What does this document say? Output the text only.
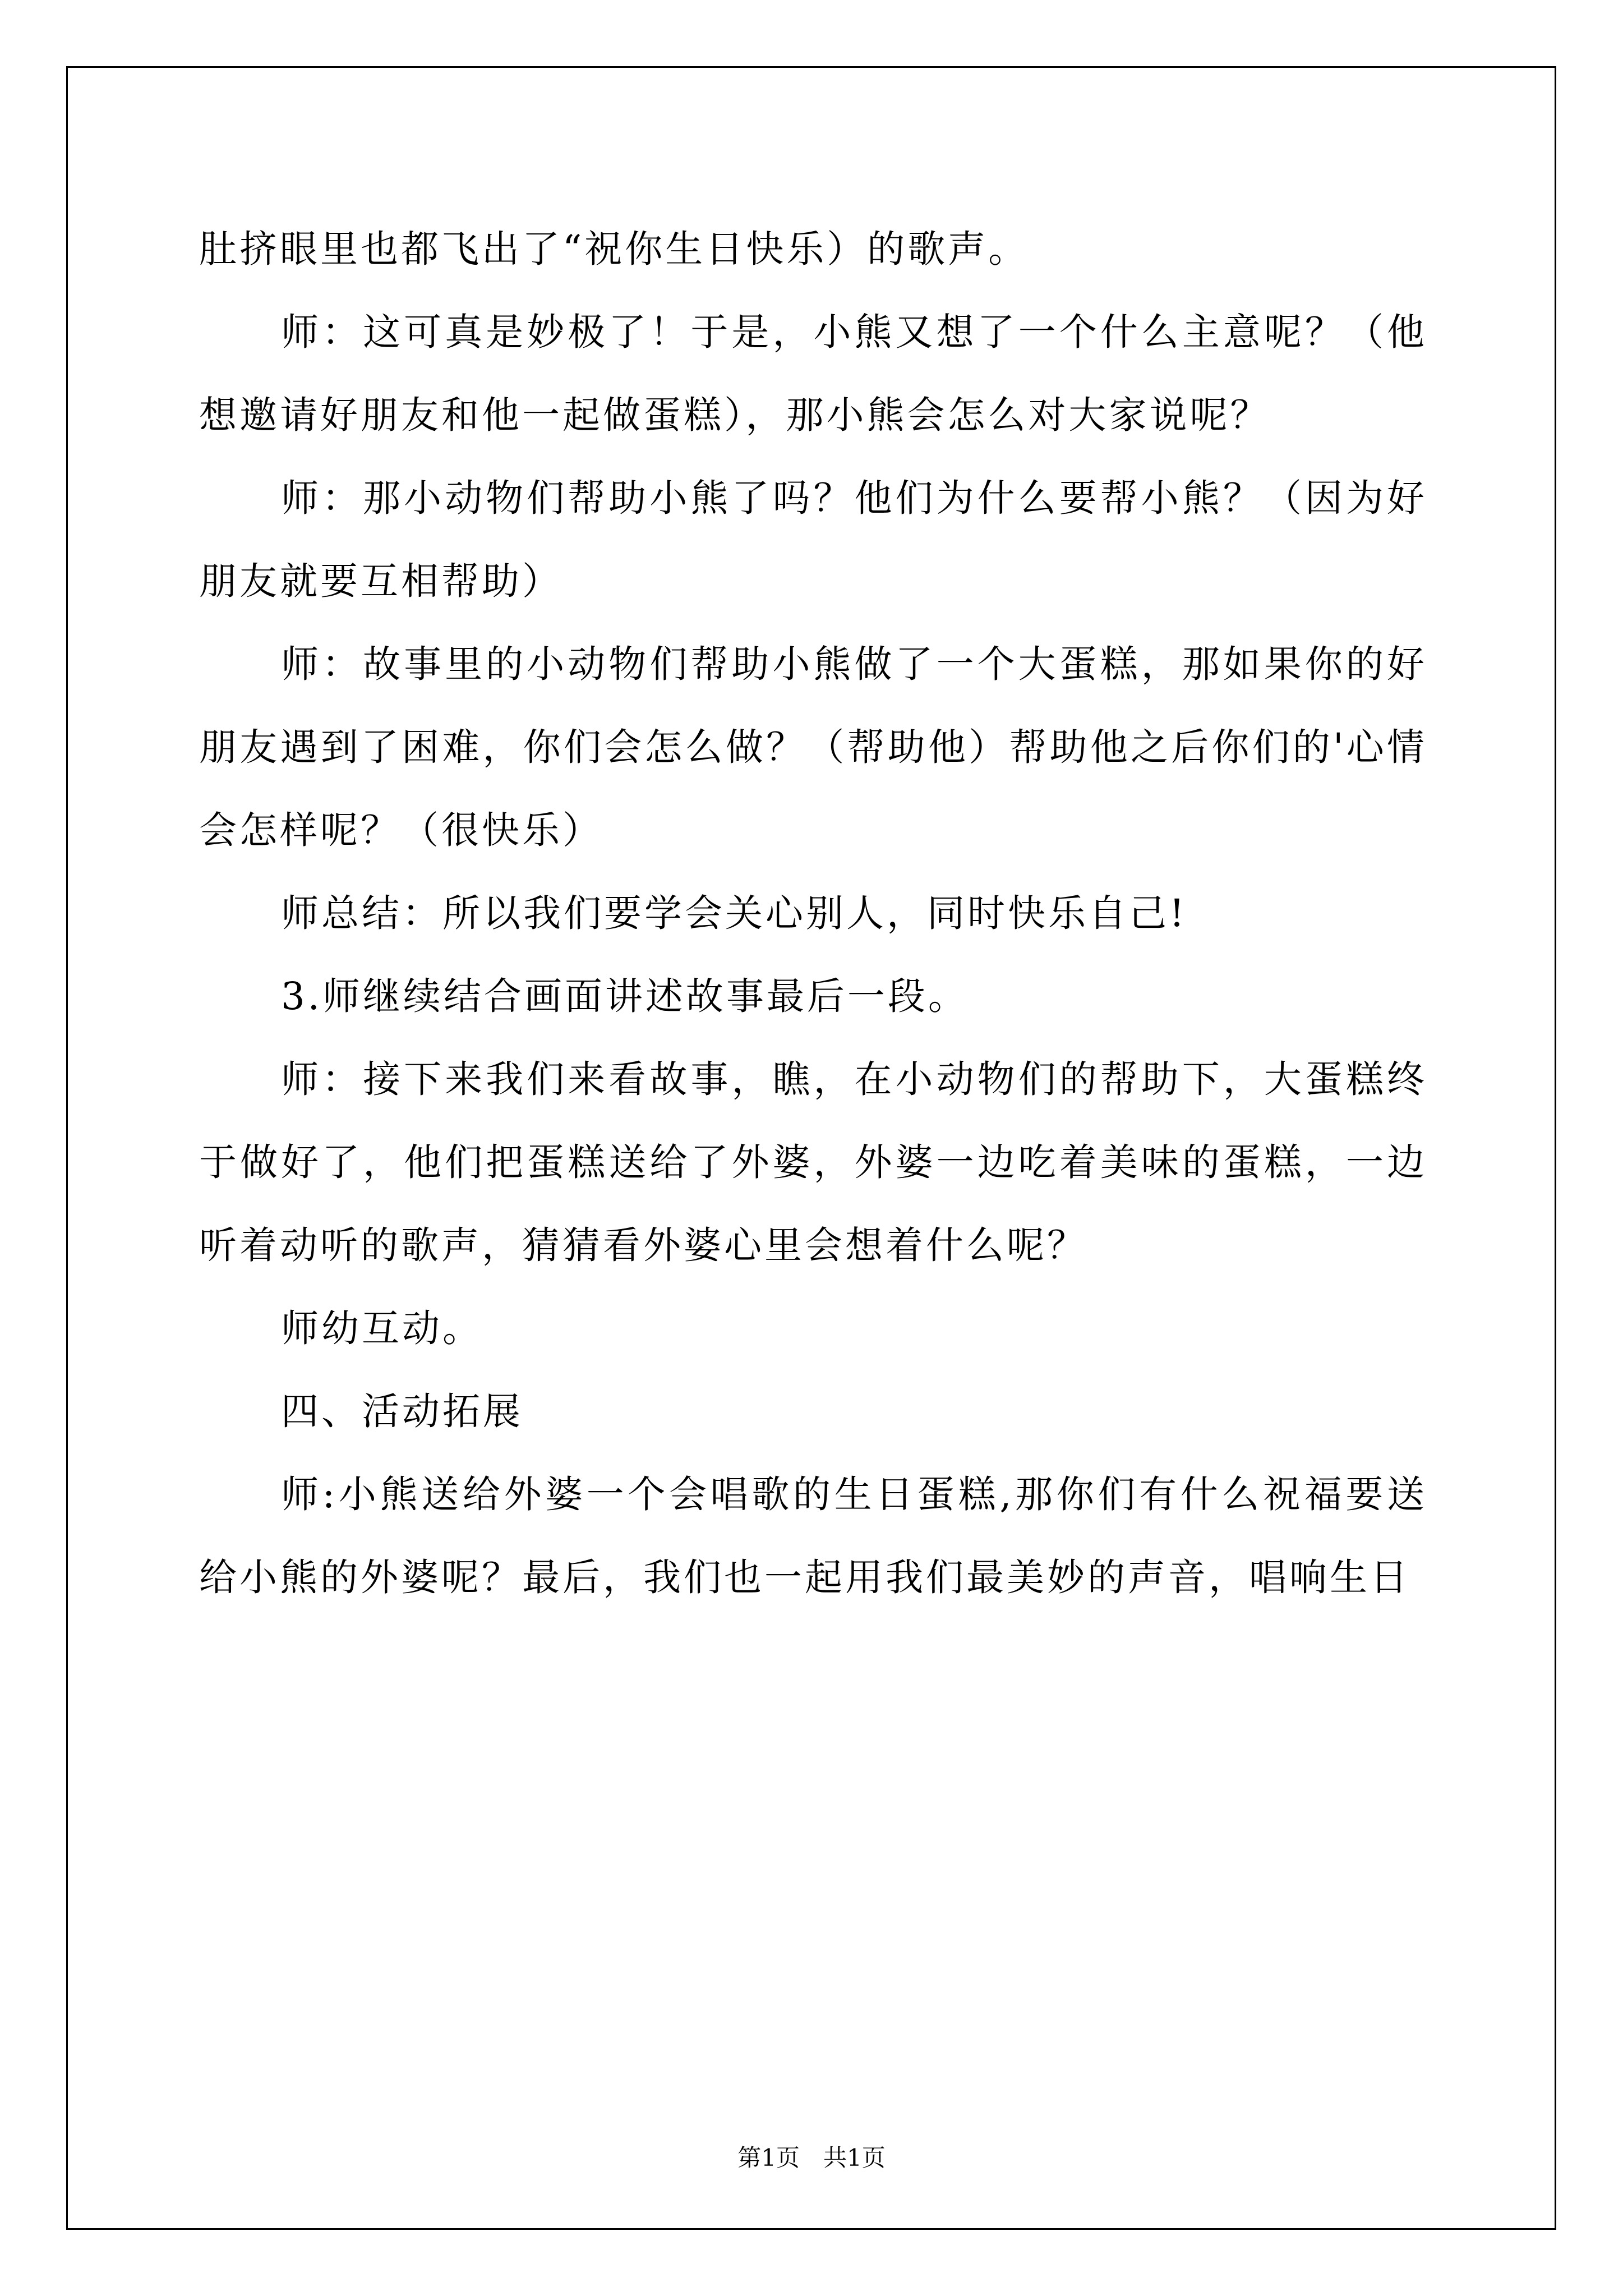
肚挤眼里也都飞出了“祝你生日快乐）的歌声。

师：这可真是妙极了！于是，小熊又想了一个什么主意呢？（他想邀请好朋友和他一起做蛋糕），那小熊会怎么对大家说呢？

师：那小动物们帮助小熊了吗？他们为什么要帮小熊？（因为好朋友就要互相帮助）

师：故事里的小动物们帮助小熊做了一个大蛋糕，那如果你的好朋友遇到了困难，你们会怎么做？（帮助他）帮助他之后你们的'心情会怎样呢？（很快乐）

师总结：所以我们要学会关心别人，同时快乐自己!

3.师继续结合画面讲述故事最后一段。

师：接下来我们来看故事，瞧，在小动物们的帮助下，大蛋糕终于做好了，他们把蛋糕送给了外婆，外婆一边吃着美味的蛋糕，一边听着动听的歌声，猜猜看外婆心里会想着什么呢？

师幼互动。

四、活动拓展

师:小熊送给外婆一个会唱歌的生日蛋糕,那你们有什么祝福要送给小熊的外婆呢？最后，我们也一起用我们最美妙的声音，唱响生日

第1页　共1页
